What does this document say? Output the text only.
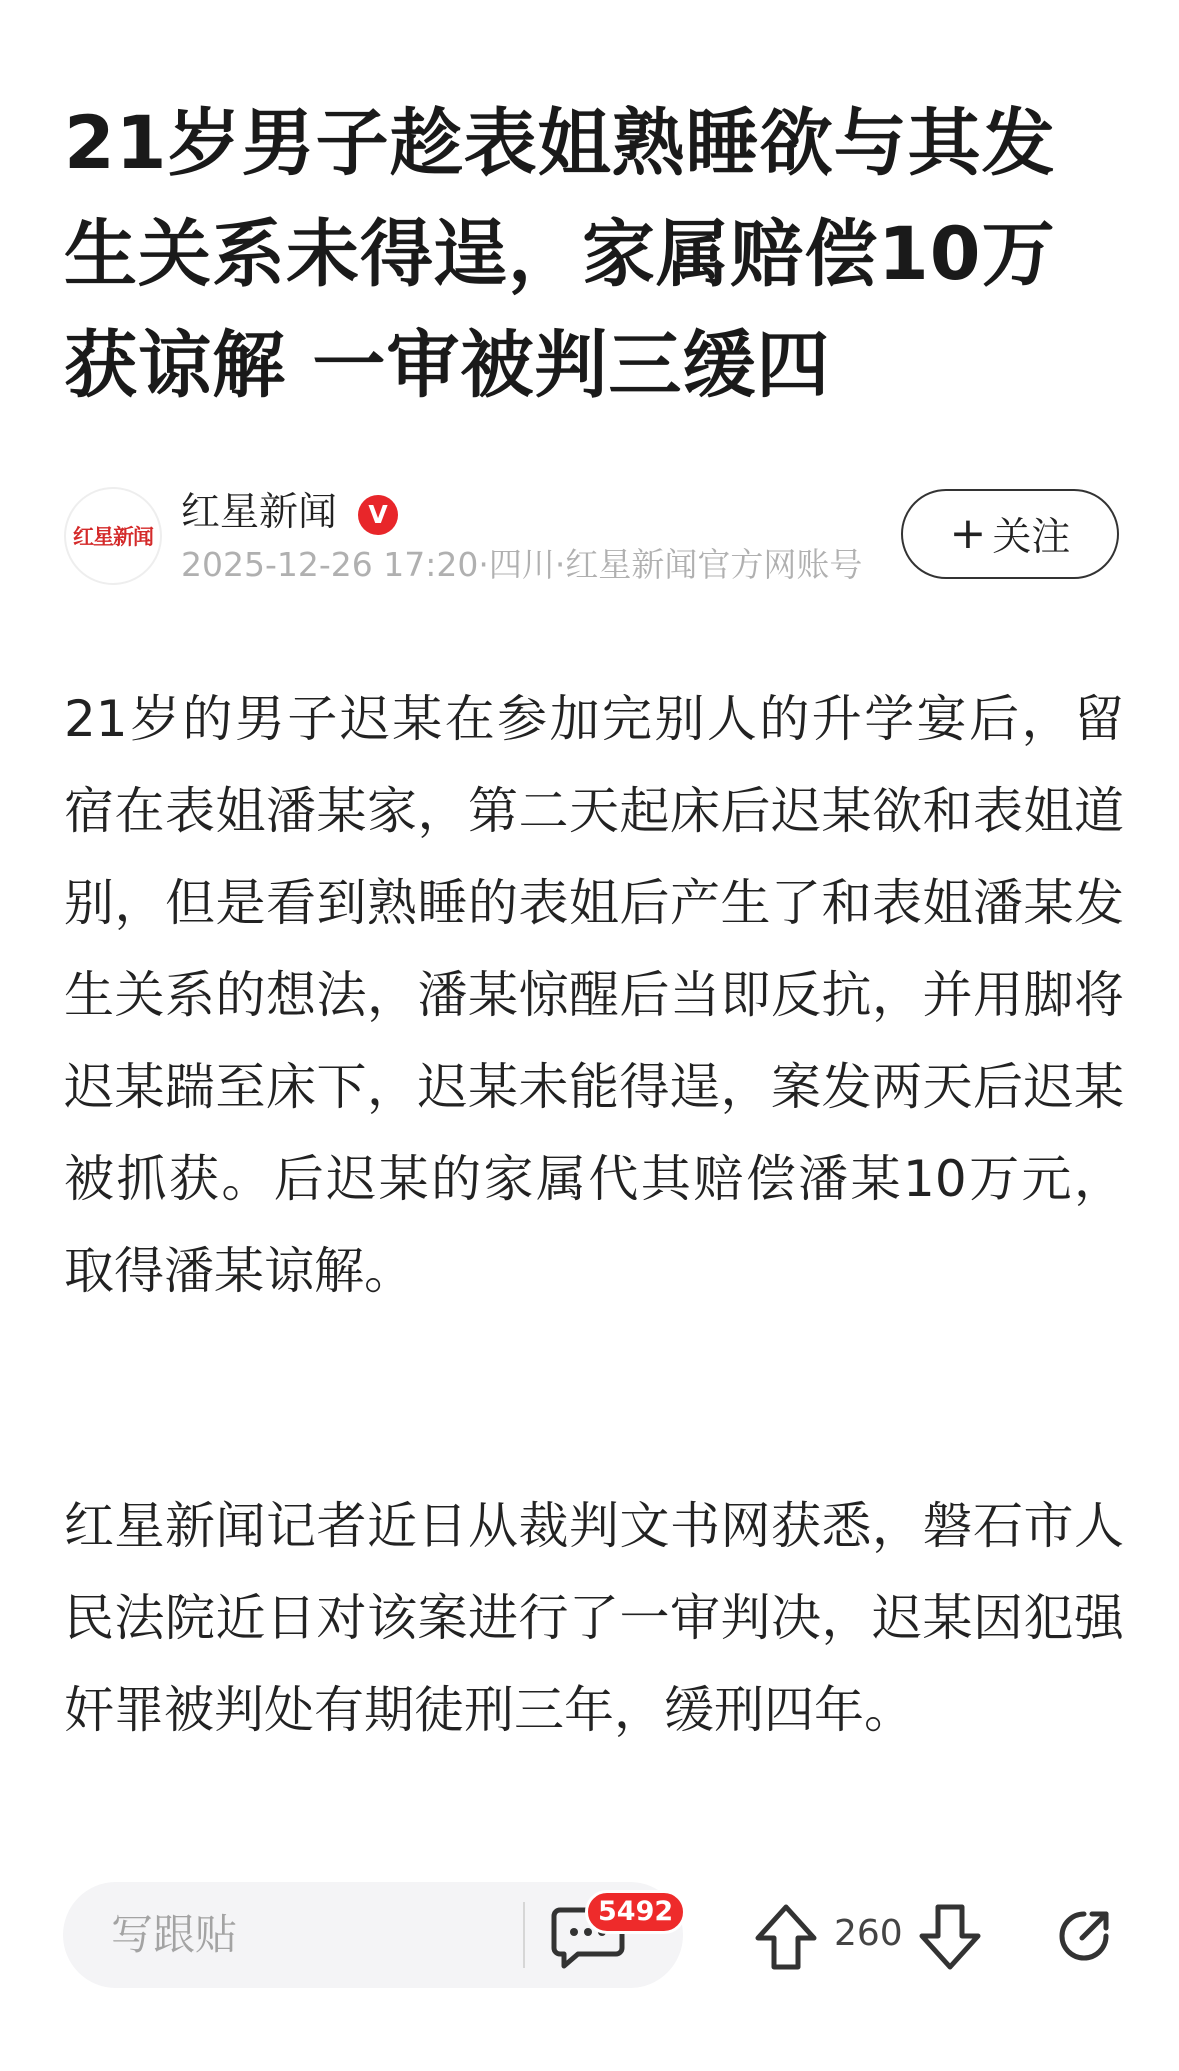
21岁男子趁表姐熟睡欲与其发生关系未得逞，家属赔偿10万获谅解 一审被判三缓四
红星新闻
红星新闻	V
2025-12-26 17:20·四川·红星新闻官方网账号
+ 关注

21岁的男子迟某在参加完别人的升学宴后，留宿在表姐潘某家，第二天起床后迟某欲和表姐道别，但是看到熟睡的表姐后产生了和表姐潘某发生关系的想法，潘某惊醒后当即反抗，并用脚将迟某踹至床下，迟某未能得逞，案发两天后迟某被抓获。后迟某的家属代其赔偿潘某10万元，取得潘某谅解。

红星新闻记者近日从裁判文书网获悉，磐石市人民法院近日对该案进行了一审判决，迟某因犯强奸罪被判处有期徒刑三年，缓刑四年。

写跟贴	5492
260
